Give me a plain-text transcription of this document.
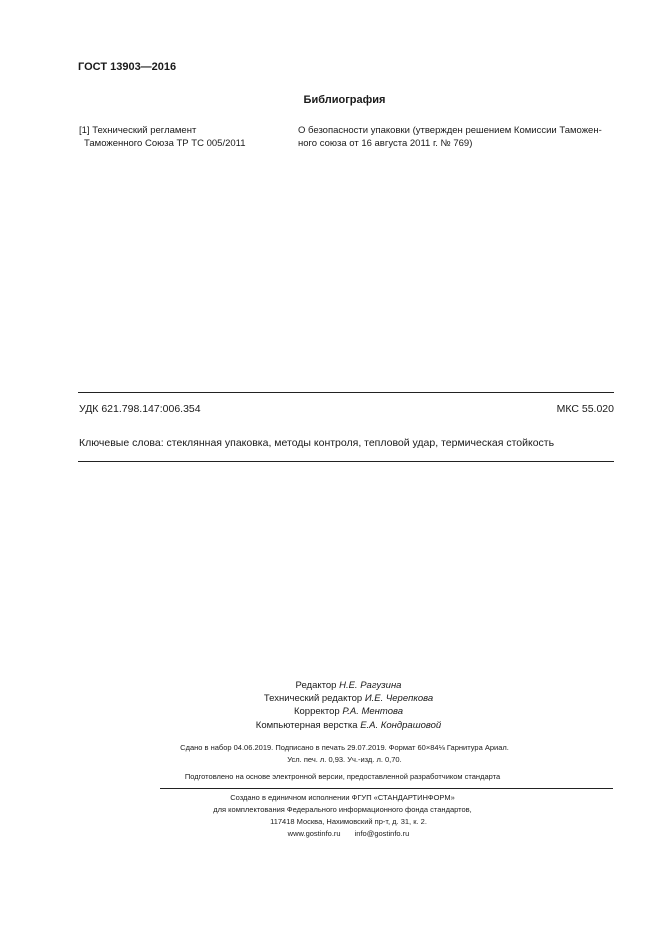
ГОСТ 13903—2016
Библиография
[1] Технический регламент
Таможенного Союза ТР ТС 005/2011
О безопасности упаковки (утвержден решением Комиссии Таможен-
ного союза от 16 августа 2011 г. № 769)
УДК 621.798.147:006.354	МКС 55.020
Ключевые слова: стеклянная упаковка, методы контроля, тепловой удар, термическая стойкость
Редактор Н.Е. Рагузина
Технический редактор И.Е. Черепкова
Корректор Р.А. Ментова
Компьютерная верстка Е.А. Кондрашовой
Сдано в набор 04.06.2019. Подписано в печать 29.07.2019. Формат 60×84⅛ Гарнитура Ариал.
Усл. печ. л. 0,93. Уч.-изд. л. 0,70.
Подготовлено на основе электронной версии, предоставленной разработчиком стандарта
Создано в единичном исполнении ФГУП «СТАНДАРТИНФОРМ»
для комплектования Федерального информационного фонда стандартов,
117418 Москва, Нахимовский пр-т, д. 31, к. 2.
www.gostinfo.ru info@gostinfo.ru
